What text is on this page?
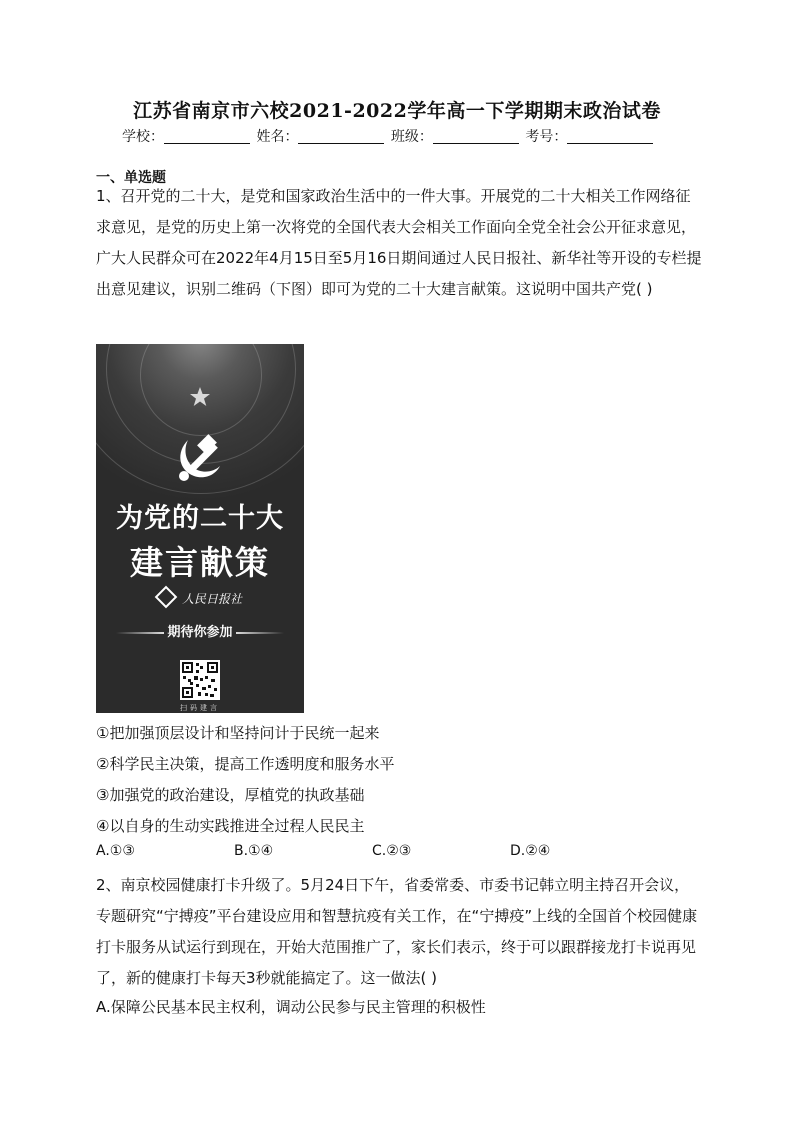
江苏省南京市六校2021-2022学年高一下学期期末政治试卷
学校：	姓名：	班级：	考号：
一、单选题
1、召开党的二十大，是党和国家政治生活中的一件大事。开展党的二十大相关工作网络征求意见，是党的历史上第一次将党的全国代表大会相关工作面向全党全社会公开征求意见，广大人民群众可在2022年4月15日至5月16日期间通过人民日报社、新华社等开设的专栏提出意见建议，识别二维码（下图）即可为党的二十大建言献策。这说明中国共产党( )
为党的二十大
建言献策
人民日报社
期待你参加
扫码建言
①把加强顶层设计和坚持问计于民统一起来
②科学民主决策，提高工作透明度和服务水平
③加强党的政治建设，厚植党的执政基础
④以自身的生动实践推进全过程人民民主
A.①③	B.①④	C.②③	D.②④
2、南京校园健康打卡升级了。5月24日下午，省委常委、市委书记韩立明主持召开会议，专题研究“宁搏疫”平台建设应用和智慧抗疫有关工作，在“宁搏疫”上线的全国首个校园健康打卡服务从试运行到现在，开始大范围推广了，家长们表示，终于可以跟群接龙打卡说再见了，新的健康打卡每天3秒就能搞定了。这一做法( )
A.保障公民基本民主权利，调动公民参与民主管理的积极性
